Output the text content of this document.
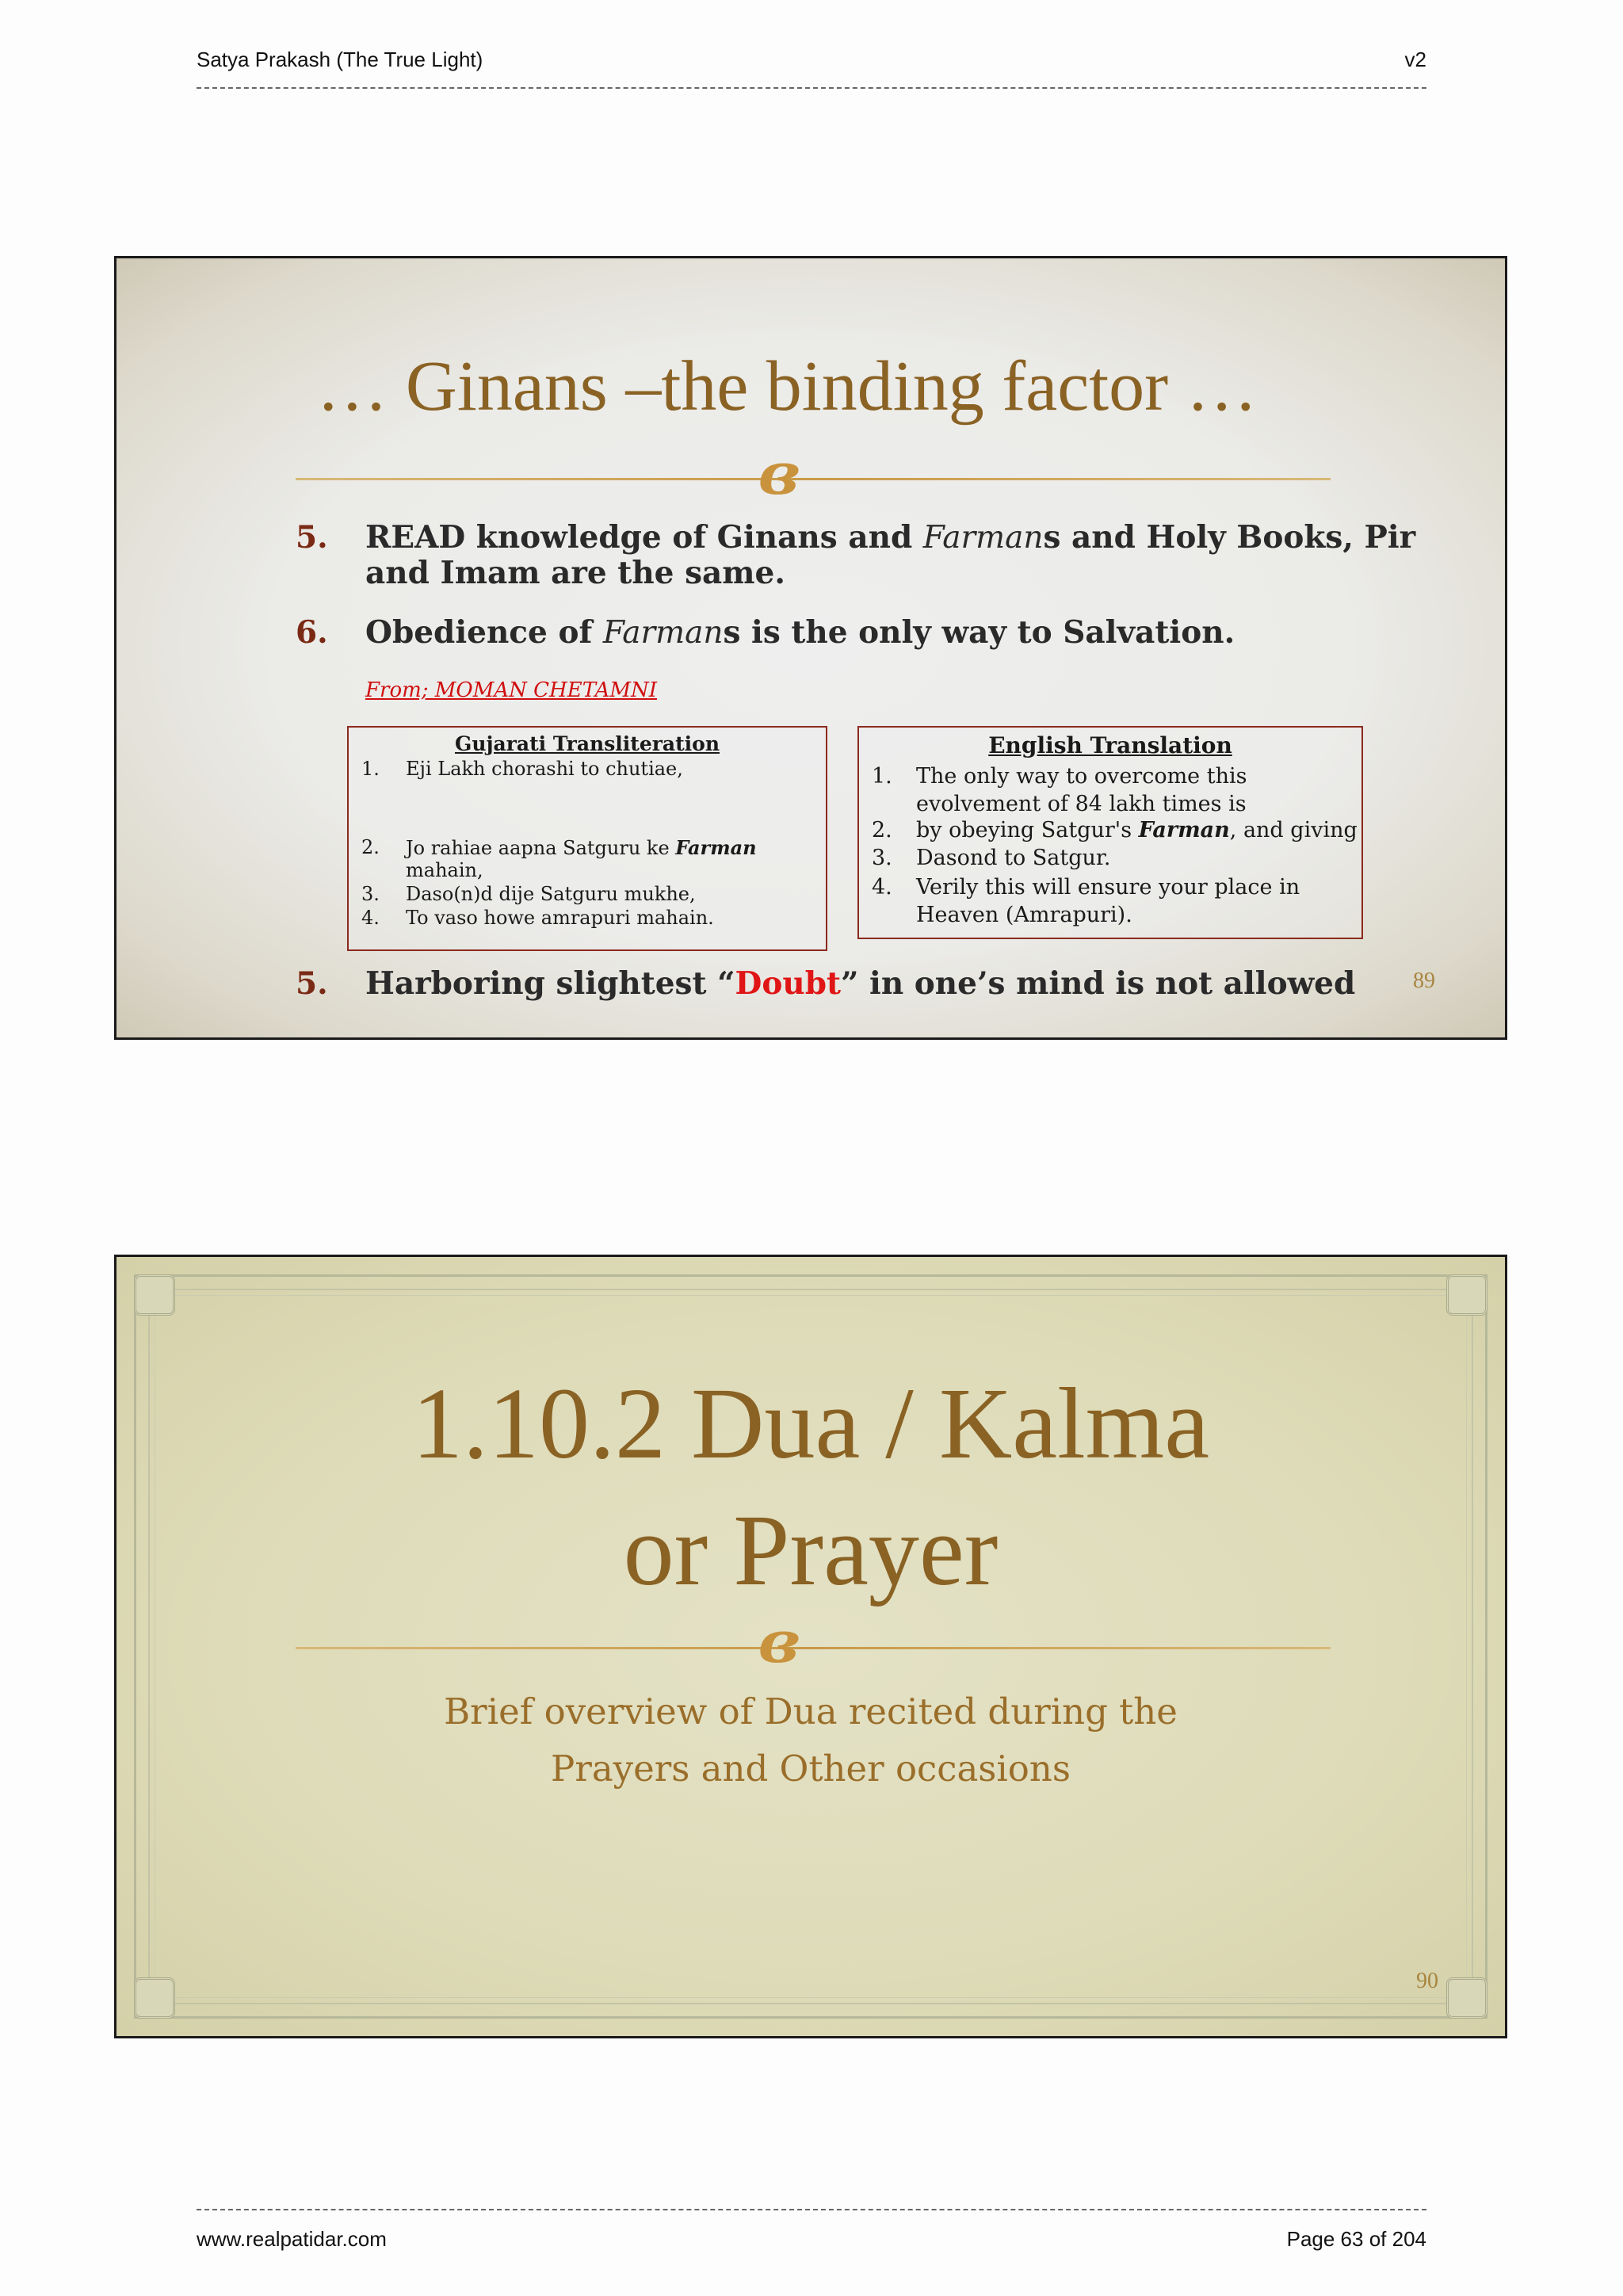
Satya Prakash (The True Light)	v2
… Ginans –the binding factor …
ɞ
5. READ knowledge of Ginans and Farmans and Holy Books, Pir
and Imam are the same.
6. Obedience of Farmans is the only way to Salvation.
From; MOMAN CHETAMNI
Gujarati Transliteration
1. Eji Lakh chorashi to chutiae,
2. Jo rahiae aapna Satguru ke Farman
mahain,
3. Daso(n)d dije Satguru mukhe,
4. To vaso howe amrapuri mahain.
English Translation
1. The only way to overcome this
evolvement of 84 lakh times is
2. by obeying Satgur's Farman, and giving
3. Dasond to Satgur.
4. Verily this will ensure your place in
Heaven (Amrapuri).
5. Harboring slightest “Doubt” in one’s mind is not allowed	89
1.10.2 Dua / Kalma
or Prayer
ɞ
Brief overview of Dua recited during the
Prayers and Other occasions
90
www.realpatidar.com	Page 63 of 204
